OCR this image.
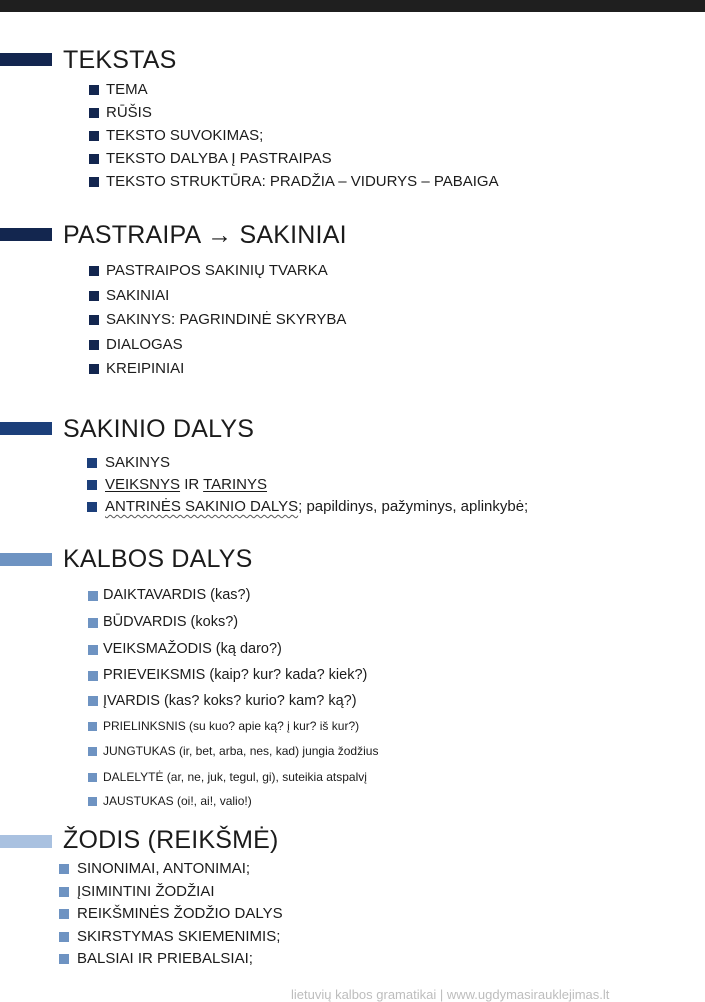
TEKSTAS
TEMA
RŪŠIS
TEKSTO SUVOKIMAS;
TEKSTO DALYBA Į PASTRAIPAS
TEKSTO STRUKTŪRA: PRADŽIA – VIDURYS – PABAIGA
PASTRAIPA → SAKINIAI
PASTRAIPOS SAKINIŲ TVARKA
SAKINIAI
SAKINYS: PAGRINDINĖ SKYRYBA
DIALOGAS
KREIPINIAI
SAKINIO DALYS
SAKINYS
VEIKSNYS IR TARINYS
ANTRINĖS SAKINIO DALYS; papildinys, pažyminys, aplinkybė;
KALBOS DALYS
DAIKTAVARDIS (kas?)
BŪDVARDIS (koks?)
VEIKSMAŽODIS (ką daro?)
PRIEVEIKSMIS (kaip? kur? kada? kiek?)
ĮVARDIS (kas? koks? kurio? kam? ką?)
PRIELINKSNIS (su kuo? apie ką? į kur? iš kur?)
JUNGTUKAS (ir, bet, arba, nes, kad) jungia žodžius
DALELYTĖ (ar, ne, juk, tegul, gi), suteikia atspalvį
JAUSTUKAS (oi!, ai!, valio!)
ŽODIS (REIKŠMĖ)
SINONIMAI, ANTONIMAI;
ĮSIMINTINI ŽODŽIAI
REIKŠMINĖS ŽODŽIO DALYS
SKIRSTYMAS SKIEMENIMIS;
BALSIAI IR PRIEBALSIAI;
lietuvių kalbos gramatikai | www.ugdymasirauklejimas.lt
